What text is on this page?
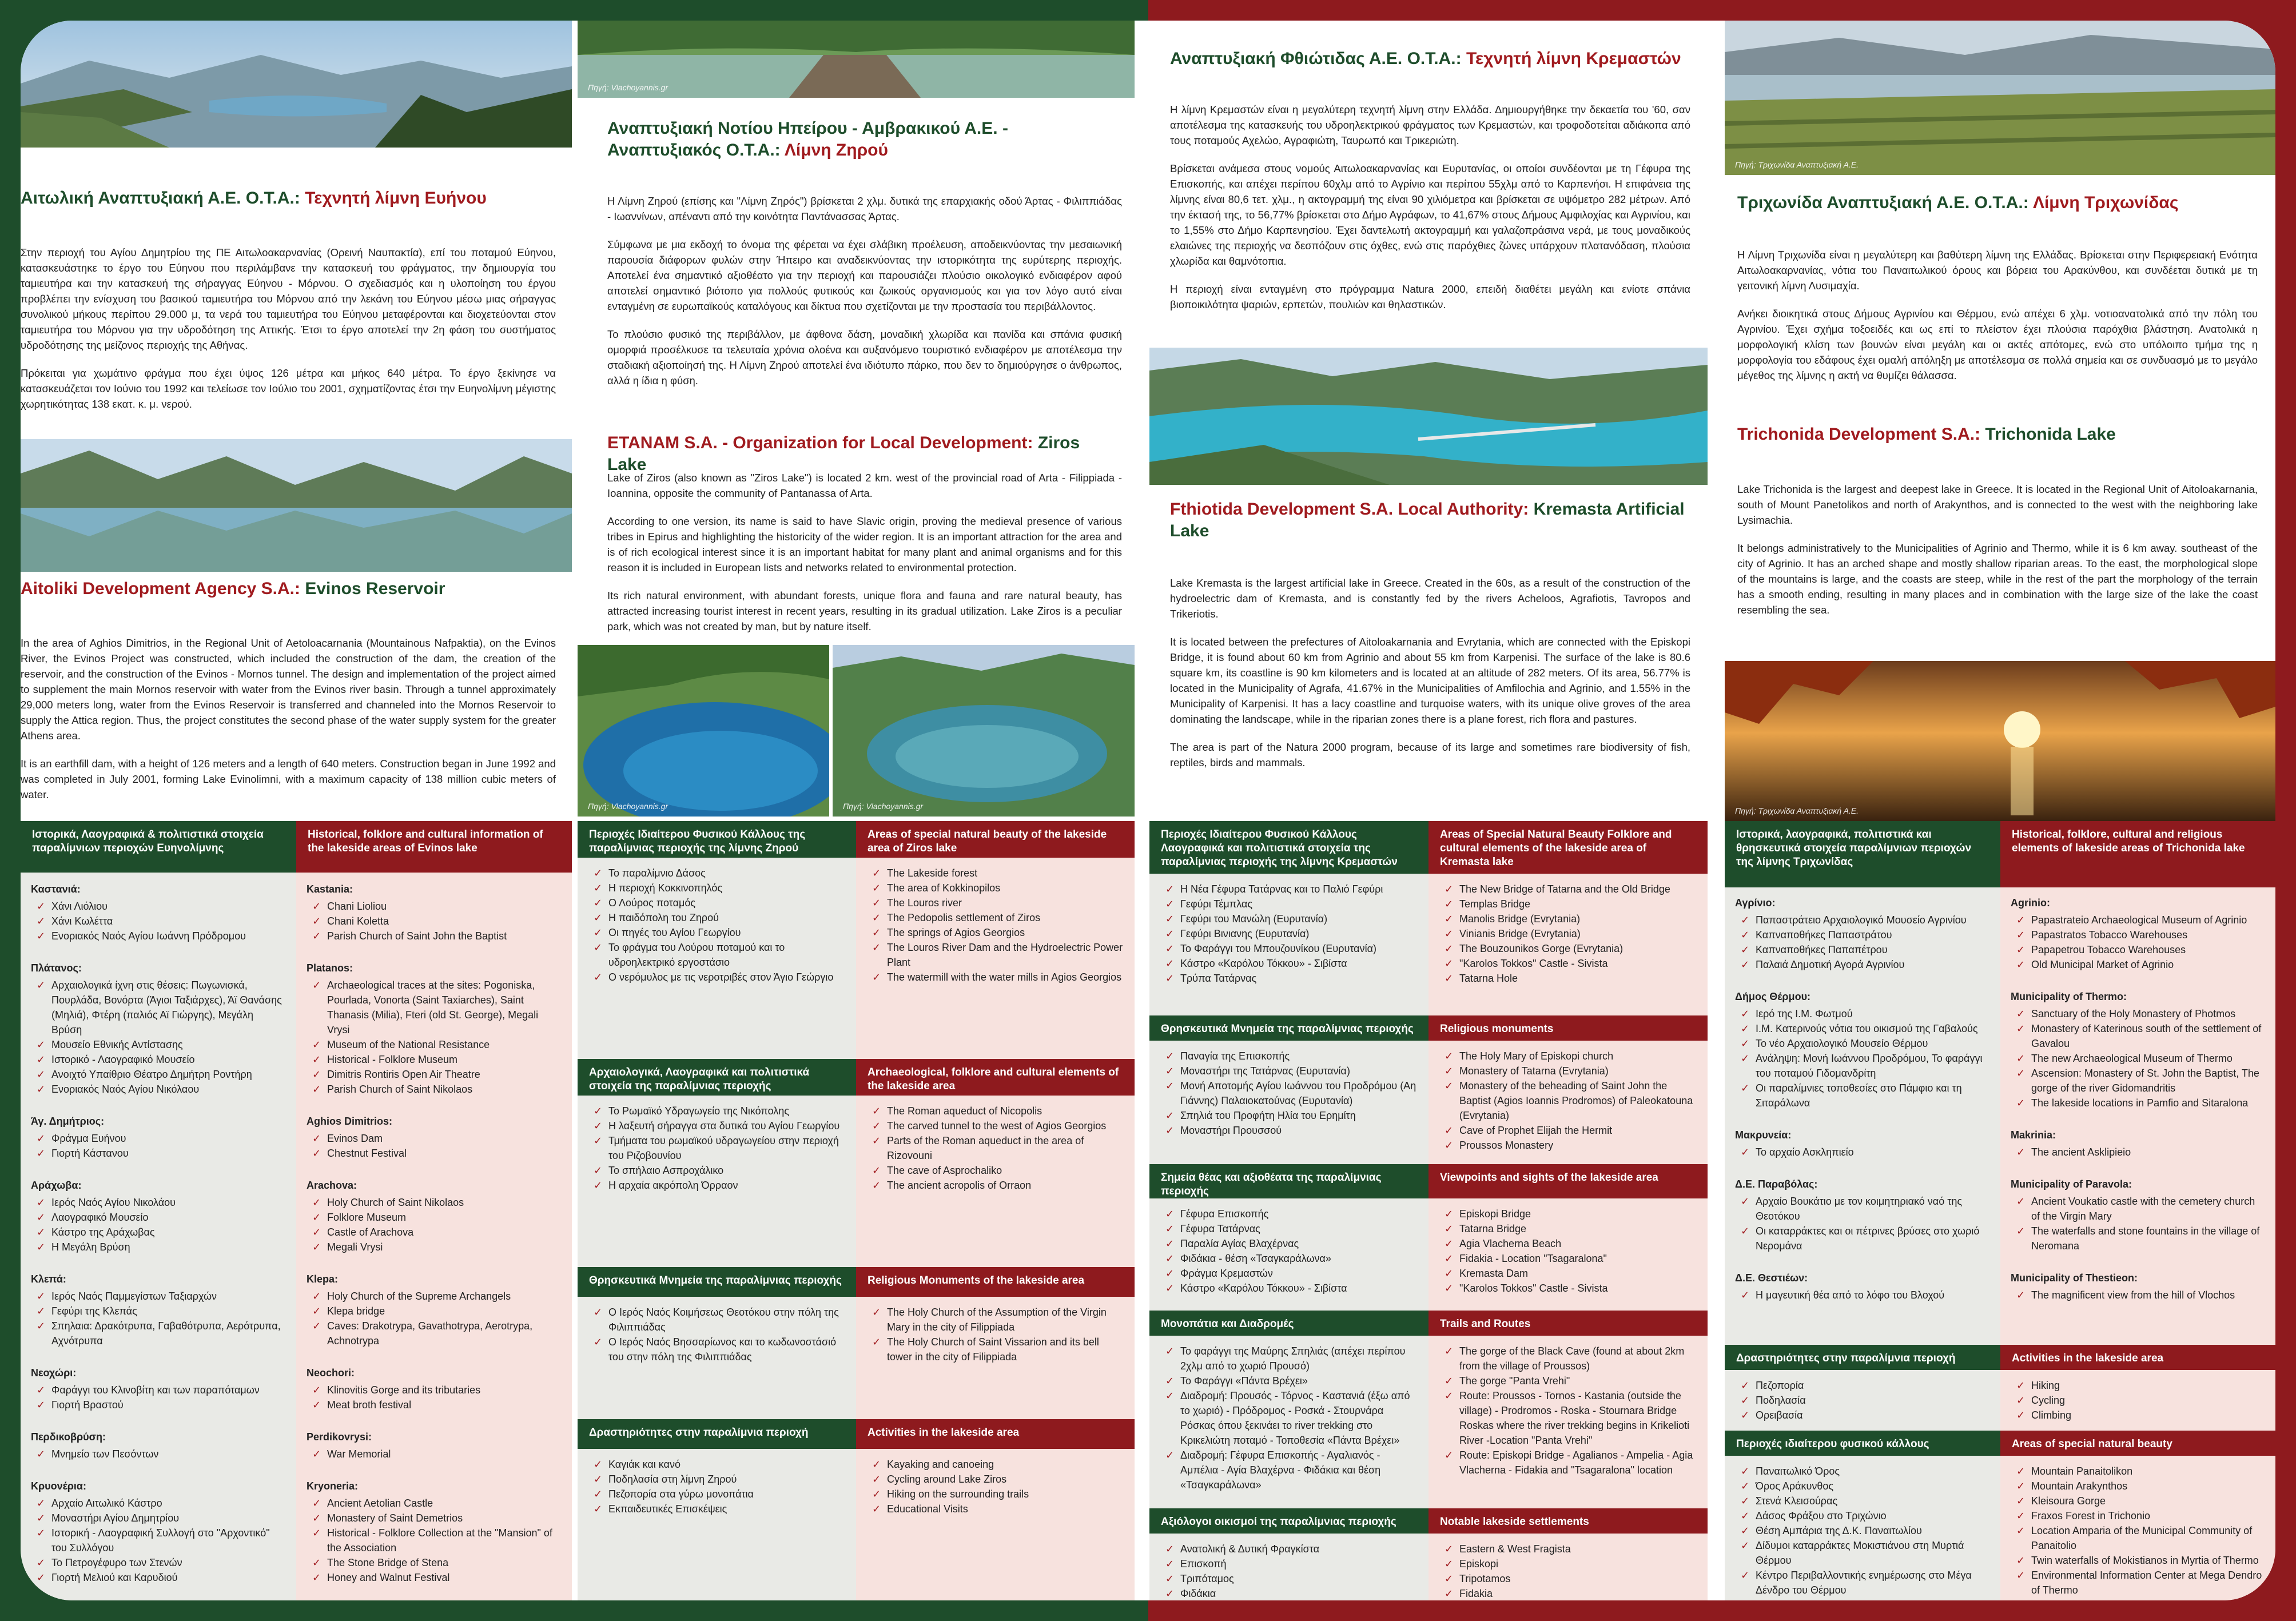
Αιτωλική Αναπτυξιακή Α.Ε. Ο.Τ.Α.: Τεχνητή λίμνη Ευήνου

Στην περιοχή του Αγίου Δημητρίου της ΠΕ Αιτωλοακαρνανίας (Ορεινή Ναυπακτία), επί του ποταμού Εύηνου, κατασκευάστηκε το έργο του Εύηνου που περιλάμβανε την κατασκευή του φράγματος, την δημιουργία του ταμιευτήρα και την κατασκευή της σήραγγας Εύηνου - Μόρνου. Ο σχεδιασμός και η υλοποίηση του έργου προβλέπει την ενίσχυση του βασικού ταμιευτήρα του Μόρνου από την λεκάνη του Εύηνου μέσω μιας σήραγγας συνολικού μήκους περίπου 29.000 μ, τα νερά του ταμιευτήρα του Εύηνου μεταφέρονται και διοχετεύονται στον ταμιευτήρα του Μόρνου για την υδροδότηση της Αττικής. Έτσι το έργο αποτελεί την 2η φάση του συστήματος υδροδότησης της μείζονος περιοχής της Αθήνας.

Πρόκειται για χωμάτινο φράγμα που έχει ύψος 126 μέτρα και μήκος 640 μέτρα. Το έργο ξεκίνησε να κατασκευάζεται τον Ιούνιο του 1992 και τελείωσε τον Ιούλιο του 2001, σχηματίζοντας έτσι την Ευηνολίμνη μέγιστης χωρητικότητας 138 εκατ. κ. μ. νερού.

Aitoliki Development Agency S.A.: Evinos Reservoir

In the area of Aghios Dimitrios, in the Regional Unit of Aetoloacarnania (Mountainous Nafpaktia), on the Evinos River, the Evinos Project was constructed, which included the construction of the dam, the creation of the reservoir, and the construction of the Evinos - Mornos tunnel. The design and implementation of the project aimed to supplement the main Mornos reservoir with water from the Evinos river basin. Through a tunnel approximately 29,000 meters long, water from the Evinos Reservoir is transferred and channeled into the Mornos Reservoir to supply the Attica region. Thus, the project constitutes the second phase of the water supply system for the greater Athens area.

It is an earthfill dam, with a height of 126 meters and a length of 640 meters. Construction began in June 1992 and was completed in July 2001, forming Lake Evinolimni, with a maximum capacity of 138 million cubic meters of water.

Ιστορικά, Λαογραφικά & πολιτιστικά στοιχεία παραλίμνιων περιοχών Ευηνολίμνης
Καστανιά:
✓ Χάνι Λιόλιου
✓ Χάνι Κωλέττα
✓ Ενοριακός Ναός Αγίου Ιωάννη Πρόδρομου
Πλάτανος:
✓ Αρχαιολογικά ίχνη στις θέσεις: Πωγωνισκά, Πουρλάδα, Βονόρτα (Άγιοι Ταξιάρχες), Άϊ Θανάσης (Μηλιά), Φτέρη (παλιός Αϊ Γιώργης), Μεγάλη Βρύση
✓ Μουσείο Εθνικής Αντίστασης
✓ Ιστορικό - Λαογραφικό Μουσείο
✓ Ανοιχτό Υπαίθριο Θέατρο Δημήτρη Ροντήρη
✓ Ενοριακός Ναός Αγίου Νικόλαου
Άγ. Δημήτριος:
✓ Φράγμα Ευήνου
✓ Γιορτή Κάστανου
Αράχωβα:
✓ Ιερός Ναός Αγίου Νικολάου
✓ Λαογραφικό Μουσείο
✓ Κάστρο της Αράχωβας
✓ Η Μεγάλη Βρύση
Κλεπά:
✓ Ιερός Ναός Παμμεγίστων Ταξιαρχών
✓ Γεφύρι της Κλεπάς
✓ Σπηλαια: Δρακότρυπα, Γαβαθότρυπα, Αερότρυπα, Αχνότρυπα
Νεοχώρι:
✓ Φαράγγι του Κλινοβίτη και των παραπόταμων
✓ Γιορτή Βραστού
Περδικοβρύση:
✓ Μνημείο των Πεσόντων
Κρυονέρια:
✓ Αρχαίο Αιτωλικό Κάστρο
✓ Μοναστήρι Αγίου Δημητρίου
✓ Ιστορική - Λαογραφική Συλλογή στο "Αρχοντικό" του Συλλόγου
✓ Το Πετρογέφυρο των Στενών
✓ Γιορτή Μελιού και Καρυδιού
Historical, folklore and cultural information of the lakeside areas of Evinos lake
Kastania:
✓ Chani Lioliou
✓ Chani Koletta
✓ Parish Church of Saint John the Baptist
Platanos:
✓ Archaeological traces at the sites: Pogoniska, Pourlada, Vonorta (Saint Taxiarches), Saint Thanasis (Milia), Fteri (old St. George), Megali Vrysi
✓ Museum of the National Resistance
✓ Historical - Folklore Museum
✓ Dimitris Rontiris Open Air Theatre
✓ Parish Church of Saint Nikolaos
Aghios Dimitrios:
✓ Evinos Dam
✓ Chestnut Festival
Arachova:
✓ Holy Church of Saint Nikolaos
✓ Folklore Museum
✓ Castle of Arachova
✓ Megali Vrysi
Klepa:
✓ Holy Church of the Supreme Archangels
✓ Klepa bridge
✓ Caves: Drakotrypa, Gavathotrypa, Aerotrypa, Achnotrypa
Neochori:
✓ Klinovitis Gorge and its tributaries
✓ Meat broth festival
Perdikovrysi:
✓ War Memorial
Kryoneria:
✓ Ancient Aetolian Castle
✓ Monastery of Saint Demetrios
✓ Historical - Folklore Collection at the "Mansion" of the Association
✓ The Stone Bridge of Stena
✓ Honey and Walnut Festival
Πηγή: Vlachoyannis.gr
Αναπτυξιακή Νοτίου Ηπείρου - Αμβρακικού Α.Ε. - Αναπτυξιακός Ο.Τ.Α.: Λίμνη Ζηρού

Η Λίμνη Ζηρού (επίσης και "Λίμνη Ζηρός") βρίσκεται 2 χλμ. δυτικά της επαρχιακής οδού Άρτας - Φιλιππιάδας - Ιωαννίνων, απέναντι από την κοινότητα Παντάνασσας Άρτας.

Σύμφωνα με μια εκδοχή το όνομα της φέρεται να έχει σλάβικη προέλευση, αποδεικνύοντας την μεσαιωνική παρουσία διάφορων φυλών στην Ήπειρο και αναδεικνύοντας την ιστορικότητα της ευρύτερης περιοχής. Αποτελεί ένα σημαντικό αξιοθέατο για την περιοχή και παρουσιάζει πλούσιο οικολογικό ενδιαφέρον αφού αποτελεί σημαντικό βιότοπο για πολλούς φυτικούς και ζωικούς οργανισμούς και για τον λόγο αυτό είναι ενταγμένη σε ευρωπαϊκούς καταλόγους και δίκτυα που σχετίζονται με την προστασία του περιβάλλοντος.

Το πλούσιο φυσικό της περιβάλλον, με άφθονα δάση, μοναδική χλωρίδα και πανίδα και σπάνια φυσική ομορφιά προσέλκυσε τα τελευταία χρόνια ολοένα και αυξανόμενο τουριστικό ενδιαφέρον με αποτέλεσμα την σταδιακή αξιοποίησή της. Η Λίμνη Ζηρού αποτελεί ένα ιδιότυπο πάρκο, που δεν το δημιούργησε ο άνθρωπος, αλλά η ίδια η φύση.

ETANAM S.A. - Organization for Local Development: Ziros Lake

Lake of Ziros (also known as "Ziros Lake") is located 2 km. west of the provincial road of Arta - Filippiada - Ioannina, opposite the community of Pantanassa of Arta.

According to one version, its name is said to have Slavic origin, proving the medieval presence of various tribes in Epirus and highlighting the historicity of the wider region. It is an important attraction for the area and is of rich ecological interest since it is an important habitat for many plant and animal organisms and for this reason it is included in European lists and networks related to environmental protection.

Its rich natural environment, with abundant forests, unique flora and fauna and rare natural beauty, has attracted increasing tourist interest in recent years, resulting in its gradual utilization. Lake Ziros is a peculiar park, which was not created by man, but by nature itself.

Πηγή: Vlachoyannis.gr	Πηγή: Vlachoyannis.gr
Περιοχές Ιδιαίτερου Φυσικού Κάλλους της παραλίμνιας περιοχής της λίμνης Ζηρού
✓ Το παραλίμνιο Δάσος
✓ Η περιοχή Κοκκινοπηλός
✓ Ο Λούρος ποταμός
✓ Η παιδόπολη του Ζηρού
✓ Οι πηγές του Αγίου Γεωργίου
✓ Το φράγμα του Λούρου ποταμού και το υδροηλεκτρικό εργοστάσιο
✓ Ο νερόμυλος με τις νεροτριβές στον Άγιο Γεώργιο
Αρχαιολογικά, Λαογραφικά και πολιτιστικά στοιχεία της παραλίμνιας περιοχής
✓ Το Ρωμαϊκό Υδραγωγείο της Νικόπολης
✓ Η λαξευτή σήραγγα στα δυτικά του Αγίου Γεωργίου
✓ Τμήματα του ρωμαϊκού υδραγωγείου στην περιοχή του Ριζοβουνίου
✓ Το σπήλαιο Ασπροχάλικο
✓ Η αρχαία ακρόπολη Όρραον
Θρησκευτικά Μνημεία της παραλίμνιας περιοχής
✓ Ο Ιερός Ναός Κοιμήσεως Θεοτόκου στην πόλη της Φιλιππιάδας
✓ Ο Ιερός Ναός Βησσαρίωνος και το κωδωνοστάσιό του στην πόλη της Φιλιππιάδας
Δραστηριότητες στην παραλίμνια περιοχή
✓ Καγιάκ και κανό
✓ Ποδηλασία στη λίμνη Ζηρού
✓ Πεζοπορία στα γύρω μονοπάτια
✓ Εκπαιδευτικές Επισκέψεις
Areas of special natural beauty of the lakeside area of Ziros lake
✓ The Lakeside forest
✓ The area of Kokkinopilos
✓ The Louros river
✓ The Pedopolis settlement of Ziros
✓ The springs of Agios Georgios
✓ The Louros River Dam and the Hydroelectric Power Plant
✓ The watermill with the water mills in Agios Georgios
Archaeological, folklore and cultural elements of the lakeside area
✓ The Roman aqueduct of Nicopolis
✓ The carved tunnel to the west of Agios Georgios
✓ Parts of the Roman aqueduct in the area of Rizovouni
✓ The cave of Asprochaliko
✓ The ancient acropolis of Orraon
Religious Monuments of the lakeside area
✓ The Holy Church of the Assumption of the Virgin Mary in the city of Filippiada
✓ The Holy Church of Saint Vissarion and its bell tower in the city of Filippiada
Activities in the lakeside area
✓ Kayaking and canoeing
✓ Cycling around Lake Ziros
✓ Hiking on the surrounding trails
✓ Educational Visits
Αναπτυξιακή Φθιώτιδας Α.Ε. Ο.Τ.Α.: Τεχνητή λίμνη Κρεμαστών

Η λίμνη Κρεμαστών είναι η μεγαλύτερη τεχνητή λίμνη στην Ελλάδα. Δημιουργήθηκε την δεκαετία του '60, σαν αποτέλεσμα της κατασκευής του υδροηλεκτρικού φράγματος των Κρεμαστών, και τροφοδοτείται αδιάκοπα από τους ποταμούς Αχελώο, Αγραφιώτη, Ταυρωπό και Τρικεριώτη.

Βρίσκεται ανάμεσα στους νομούς Αιτωλοακαρνανίας και Ευρυτανίας, οι οποίοι συνδέονται με τη Γέφυρα της Επισκοπής, και απέχει περίπου 60χλμ από το Αγρίνιο και περίπου 55χλμ από το Καρπενήσι. Η επιφάνεια της λίμνης είναι 80,6 τετ. χλμ., η ακτογραμμή της είναι 90 χιλιόμετρα και βρίσκεται σε υψόμετρο 282 μέτρων. Από την έκτασή της, το 56,77% βρίσκεται στο Δήμο Αγράφων, το 41,67% στους Δήμους Αμφιλοχίας και Αγρινίου, και το 1,55% στο Δήμο Καρπενησίου. Έχει δαντελωτή ακτογραμμή και γαλαζοπράσινα νερά, με τους μοναδικούς ελαιώνες της περιοχής να δεσπόζουν στις όχθες, ενώ στις παρόχθιες ζώνες υπάρχουν πλατανόδαση, πλούσια χλωρίδα και θαμνότοπια.

Η περιοχή είναι ενταγμένη στο πρόγραμμα Natura 2000, επειδή διαθέτει μεγάλη και ενίοτε σπάνια βιοποικιλότητα ψαριών, ερπετών, πουλιών και θηλαστικών.

Fthiotida Development S.A. Local Authority: Kremasta Artificial Lake

Lake Kremasta is the largest artificial lake in Greece. Created in the 60s, as a result of the construction of the hydroelectric dam of Kremasta, and is constantly fed by the rivers Acheloos, Agrafiotis, Tavropos and Trikeriotis.

It is located between the prefectures of Aitoloakarnania and Evrytania, which are connected with the Episkopi Bridge, it is found about 60 km from Agrinio and about 55 km from Karpenisi. The surface of the lake is 80.6 square km, its coastline is 90 km kilometers and is located at an altitude of 282 meters. Of its area, 56.77% is located in the Municipality of Agrafa, 41.67% in the Municipalities of Amfilochia and Agrinio, and 1.55% in the Municipality of Karpenisi. It has a lacy coastline and turquoise waters, with its unique olive groves of the area dominating the landscape, while in the riparian zones there is a plane forest, rich flora and pastures.

The area is part of the Natura 2000 program, because of its large and sometimes rare biodiversity of fish, reptiles, birds and mammals.

Περιοχές Ιδιαίτερου Φυσικού Κάλλους Λαογραφικά και πολιτιστικά στοιχεία της παραλίμνιας περιοχής της λίμνης Κρεμαστών
✓ Η Νέα Γέφυρα Τατάρνας και το Παλιό Γεφύρι
✓ Γεφύρι Τέμπλας
✓ Γεφύρι του Μανώλη (Ευρυτανία)
✓ Γεφύρι Βινιανης (Ευρυτανία)
✓ Το Φαράγγι του Μπουζουνίκου (Ευρυτανία)
✓ Κάστρο «Καρόλου Τόκκου» - Σιβίστα
✓ Τρύπα Τατάρνας
Θρησκευτικά Μνημεία της παραλίμνιας περιοχής
✓ Παναγία της Επισκοπής
✓ Μοναστήρι της Τατάρνας (Ευρυτανία)
✓ Μονή Αποτομής Αγίου Ιωάννου του Προδρόμου (Αη Γιάννης) Παλαιοκατούνας (Ευρυτανία)
✓ Σπηλιά του Προφήτη Ηλία του Ερημίτη
✓ Μοναστήρι Προυσσού
Σημεία θέας και αξιοθέατα της παραλίμνιας περιοχής
✓ Γέφυρα Επισκοπής
✓ Γέφυρα Τατάρνας
✓ Παραλία Αγίας Βλαχέρνας
✓ Φιδάκια - θέση «Τσαγκαράλωνα»
✓ Φράγμα Κρεμαστών
✓ Κάστρο «Καρόλου Τόκκου» - Σιβίστα
Μονοπάτια και Διαδρομές
✓ Το φαράγγι της Μαύρης Σπηλιάς (απέχει περίπου 2χλμ από το χωριό Προυσό)
✓ Το Φαράγγι «Πάντα Βρέχει»
✓ Διαδρομή: Προυσός - Τόρνος - Καστανιά (έξω από το χωριό) - Πρόδρομος - Ροσκά - Στουρνάρα Ρόσκας όπου ξεκινάει το river trekking στο Κρικελιώτη ποταμό - Τοποθεσία «Πάντα Βρέχει»
✓ Διαδρομή: Γέφυρα Επισκοπής - Αγαλιανός - Αμπέλια - Αγία Βλαχέρνα - Φιδάκια και θέση «Τσαγκαράλωνα»
Αξιόλογοι οικισμοί της παραλίμνιας περιοχής
✓ Ανατολική & Δυτική Φραγκίστα
✓ Επισκοπή
✓ Τριπόταμος
✓ Φιδάκια
Areas of Special Natural Beauty Folklore and cultural elements of the lakeside area of Kremasta lake
✓ The New Bridge of Tatarna and the Old Bridge
✓ Templas Bridge
✓ Manolis Bridge (Evrytania)
✓ Vinianis Bridge (Evrytania)
✓ The Bouzounikos Gorge (Evrytania)
✓ "Karolos Tokkos" Castle - Sivista
✓ Tatarna Hole
Religious monuments
✓ The Holy Mary of Episkopi church
✓ Monastery of Tatarna (Evrytania)
✓ Monastery of the beheading of Saint John the Baptist (Agios Ioannis Prodromos) of Paleokatouna (Evrytania)
✓ Cave of Prophet Elijah the Hermit
✓ Proussos Monastery
Viewpoints and sights of the lakeside area
✓ Episkopi Bridge
✓ Tatarna Bridge
✓ Agia Vlacherna Beach
✓ Fidakia - Location "Tsagaralona"
✓ Kremasta Dam
✓ "Karolos Tokkos" Castle - Sivista
Trails and Routes
✓ The gorge of the Black Cave (found at about 2km from the village of Proussos)
✓ The gorge "Panta Vrehi"
✓ Route: Proussos - Tornos - Kastania (outside the village) - Prodromos - Roska - Stournara Bridge Roskas where the river trekking begins in Krikelioti River -Location "Panta Vrehi"
✓ Route: Episkopi Bridge - Agalianos - Ampelia - Agia Vlacherna - Fidakia and "Tsagaralona" location
Notable lakeside settlements
✓ Eastern & West Fragista
✓ Episkopi
✓ Tripotamos
✓ Fidakia
Πηγή: Τριχωνίδα Αναπτυξιακή Α.Ε.
Τριχωνίδα Αναπτυξιακή Α.Ε. Ο.Τ.Α.: Λίμνη Τριχωνίδας

Η Λίμνη Τριχωνίδα είναι η μεγαλύτερη και βαθύτερη λίμνη της Ελλάδας. Βρίσκεται στην Περιφερειακή Ενότητα Αιτωλοακαρνανίας, νότια του Παναιτωλικού όρους και βόρεια του Αρακύνθου, και συνδέεται δυτικά με τη γειτονική λίμνη Λυσιμαχία.

Ανήκει διοικητικά στους Δήμους Αγρινίου και Θέρμου, ενώ απέχει 6 χλμ. νοτιοανατολικά από την πόλη του Αγρινίου. Έχει σχήμα τοξοειδές και ως επί το πλείστον έχει πλούσια παρόχθια βλάστηση. Ανατολικά η μορφολογική κλίση των βουνών είναι μεγάλη και οι ακτές απότομες, ενώ στο υπόλοιπο τμήμα της η μορφολογία του εδάφους έχει ομαλή απόληξη με αποτέλεσμα σε πολλά σημεία και σε συνδυασμό με το μεγάλο μέγεθος της λίμνης η ακτή να θυμίζει θάλασσα.

Trichonida Development S.A.: Trichonida Lake

Lake Trichonida is the largest and deepest lake in Greece. It is located in the Regional Unit of Aitoloakarnania, south of Mount Panetolikos and north of Arakynthos, and is connected to the west with the neighboring lake Lysimachia.

It belongs administratively to the Municipalities of Agrinio and Thermo, while it is 6 km away. southeast of the city of Agrinio. It has an arched shape and mostly shallow riparian areas. To the east, the morphological slope of the mountains is large, and the coasts are steep, while in the rest of the part the morphology of the terrain has a smooth ending, resulting in many places and in combination with the large size of the lake the coast resembling the sea.

Πηγή: Τριχωνίδα Αναπτυξιακή Α.Ε.
Ιστορικά, λαογραφικά, πολιτιστικά και θρησκευτικά στοιχεία παραλίμνιων περιοχών της λίμνης Τριχωνίδας
Αγρίνιο:
✓ Παπαστράτειο Αρχαιολογικό Μουσείο Αγρινίου
✓ Καπναποθήκες Παπαστράτου
✓ Καπναποθήκες Παπαπέτρου
✓ Παλαιά Δημοτική Αγορά Αγρινίου
Δήμος Θέρμου:
✓ Ιερό της Ι.Μ. Φωτμού
✓ Ι.Μ. Κατερινούς νότια του οικισμού της Γαβαλούς
✓ Το νέο Αρχαιολογικό Μουσείο Θέρμου
✓ Ανάληψη: Μονή Ιωάννου Προδρόμου, Το φαράγγι του ποταμού Γιδομανδρίτη
✓ Οι παραλίμνιες τοποθεσίες στο Πάμφιο και τη Σιταράλωνα
Μακρυνεία:
✓ Το αρχαίο Ασκληπιείο
Δ.Ε. Παραβόλας:
✓ Αρχαίο Βουκάτιο με τον κοιμητηριακό ναό της Θεοτόκου
✓ Οι καταρράκτες και οι πέτρινες βρύσες στο χωριό Νερομάνα
Δ.Ε. Θεστιέων:
✓ Η μαγευτική θέα από το λόφο του Βλοχού
Δραστηριότητες στην παραλίμνια περιοχή
✓ Πεζοπορία
✓ Ποδηλασία
✓ Ορειβασία
Περιοχές ιδιαίτερου φυσικού κάλλους
✓ Παναιτωλικό Όρος
✓ Όρος Αράκυνθος
✓ Στενά Κλεισούρας
✓ Δάσος Φράξου στο Τριχώνιο
✓ Θέση Αμπάρια της Δ.Κ. Παναιτωλίου
✓ Δίδυμοι καταρράκτες Μοκιστιάνου στη Μυρτιά Θέρμου
✓ Κέντρο Περιβαλλοντικής ενημέρωσης στο Μέγα Δένδρο του Θέρμου
Historical, folklore, cultural and religious elements of lakeside areas of Trichonida lake
Agrinio:
✓ Papastrateio Archaeological Museum of Agrinio
✓ Papastratos Tobacco Warehouses
✓ Papapetrou Tobacco Warehouses
✓ Old Municipal Market of Agrinio
Municipality of Thermo:
✓ Sanctuary of the Holy Monastery of Photmos
✓ Monastery of Katerinous south of the settlement of Gavalou
✓ The new Archaeological Museum of Thermo
✓ Ascension: Monastery of St. John the Baptist, The gorge of the river Gidomandritis
✓ The lakeside locations in Pamfio and Sitaralona
Makrinia:
✓ The ancient Asklipieio
Municipality of Paravola:
✓ Ancient Voukatio castle with the cemetery church of the Virgin Mary
✓ The waterfalls and stone fountains in the village of Neromana
Municipality of Thestieon:
✓ The magnificent view from the hill of Vlochos
Activities in the lakeside area
✓ Hiking
✓ Cycling
✓ Climbing
Areas of special natural beauty
✓ Mountain Panaitolikon
✓ Mountain Arakynthos
✓ Kleisoura Gorge
✓ Fraxos Forest in Trichonio
✓ Location Amparia of the Municipal Community of Panaitolio
✓ Twin waterfalls of Mokistianos in Myrtia of Thermo
✓ Environmental Information Center at Mega Dendro of Thermo
